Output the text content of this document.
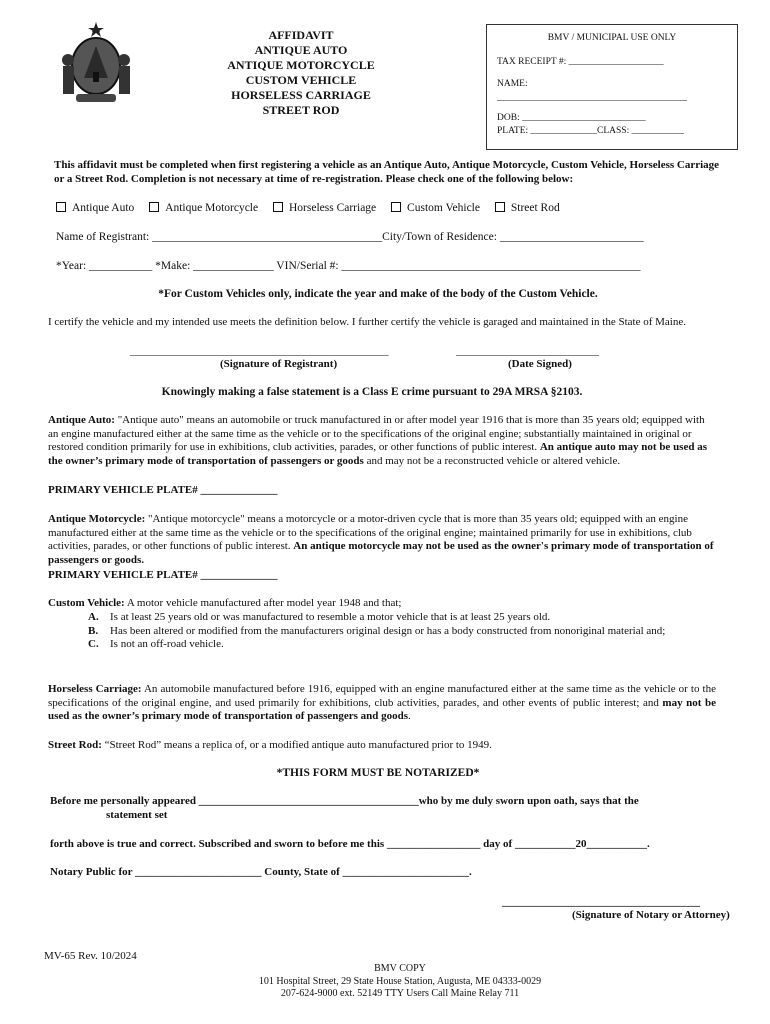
AFFIDAVIT
ANTIQUE AUTO
ANTIQUE MOTORCYCLE
CUSTOM VEHICLE
HORSELESS CARRIAGE
STREET ROD
BMV / MUNICIPAL USE ONLY
TAX RECEIPT #: ____________________
NAME:
________________________________________
DOB: __________________________
PLATE: ______________CLASS: ___________
This affidavit must be completed when first registering a vehicle as an Antique Auto, Antique Motorcycle, Custom Vehicle, Horseless Carriage or a Street Rod. Completion is not necessary at time of re-registration. Please check one of the following below:
Antique Auto	Antique Motorcycle	Horseless Carriage	Custom Vehicle	Street Rod
Name of Registrant: ________________________________________City/Town of Residence: _________________________
*Year: ___________ *Make: ______________ VIN/Serial #: ____________________________________________________
*For Custom Vehicles only, indicate the year and make of the body of the Custom Vehicle.
I certify the vehicle and my intended use meets the definition below. I further certify the vehicle is garaged and maintained in the State of Maine.
_______________________________________________	__________________________
(Signature of Registrant)	(Date Signed)
Knowingly making a false statement is a Class E crime pursuant to 29A MRSA §2103.
Antique Auto: "Antique auto" means an automobile or truck manufactured in or after model year 1916 that is more than 35 years old; equipped with an engine manufactured either at the same time as the vehicle or to the specifications of the original engine; substantially maintained in original or restored condition primarily for use in exhibitions, club activities, parades, or other functions of public interest. An antique auto may not be used as the owner’s primary mode of transportation of passengers or goods and may not be a reconstructed vehicle or altered vehicle.
PRIMARY VEHICLE PLATE# ______________
Antique Motorcycle: "Antique motorcycle" means a motorcycle or a motor-driven cycle that is more than 35 years old; equipped with an engine manufactured either at the same time as the vehicle or to the specifications of the original engine; maintained primarily for use in exhibitions, club activities, parades, or other functions of public interest. An antique motorcycle may not be used as the owner's primary mode of transportation of passengers or goods.
PRIMARY VEHICLE PLATE# ______________
Custom Vehicle: A motor vehicle manufactured after model year 1948 and that;
A. Is at least 25 years old or was manufactured to resemble a motor vehicle that is at least 25 years old.
B. Has been altered or modified from the manufacturers original design or has a body constructed from nonoriginal material and;
C. Is not an off-road vehicle.
Horseless Carriage: An automobile manufactured before 1916, equipped with an engine manufactured either at the same time as the vehicle or to the specifications of the original engine, and used primarily for exhibitions, club activities, parades, and other events of public interest; and may not be used as the owner’s primary mode of transportation of passengers and goods.
Street Rod: “Street Rod” means a replica of, or a modified antique auto manufactured prior to 1949.
*THIS FORM MUST BE NOTARIZED*
Before me personally appeared ________________________________________who by me duly sworn upon oath, says that the
statement set
forth above is true and correct. Subscribed and sworn to before me this _________________ day of ___________20___________.
Notary Public for _______________________ County, State of _______________________.
____________________________________
(Signature of Notary or Attorney)
MV-65 Rev. 10/2024
BMV COPY
101 Hospital Street, 29 State House Station, Augusta, ME 04333-0029
207-624-9000 ext. 52149 TTY Users Call Maine Relay 711
